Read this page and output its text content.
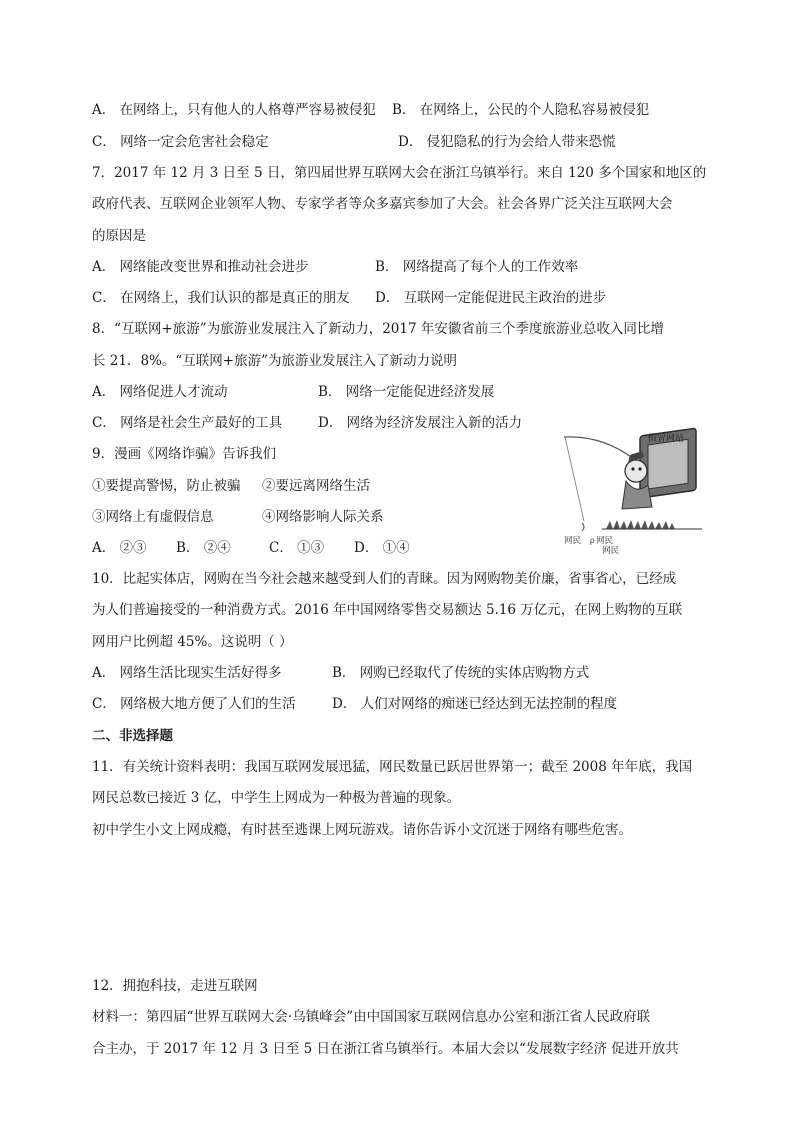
A． 在网络上，只有他人的人格尊严容易被侵犯 B． 在网络上，公民的个人隐私容易被侵犯
C． 网络一定会危害社会稳定	D． 侵犯隐私的行为会给人带来恐慌
7．2017 年 12 月 3 日至 5 日，第四届世界互联网大会在浙江乌镇举行。来自 120 多个国家和地区的
政府代表、互联网企业领军人物、专家学者等众多嘉宾参加了大会。社会各界广泛关注互联网大会
的原因是
A． 网络能改变世界和推动社会进步	B． 网络提高了每个人的工作效率
C． 在网络上，我们认识的都是真正的朋友 D． 互联网一定能促进民主政治的进步
8．“互联网+旅游”为旅游业发展注入了新动力，2017 年安徽省前三个季度旅游业总收入同比增
长 21．8%。“互联网+旅游”为旅游业发展注入了新动力说明
A． 网络促进人才流动	B． 网络一定能促进经济发展
C． 网络是社会生产最好的工具	D． 网络为经济发展注入新的活力
9．漫画《网络诈骗》告诉我们
①要提高警惕，防止被骗 ②要远离网络生活
③网络上有虚假信息	④网络影响人际关系
A． ②③ B． ②④	C． ①③ D． ①④
假冒网站
网民 网民
网民
ρ
10．比起实体店，网购在当今社会越来越受到人们的青睐。因为网购物美价廉，省事省心，已经成
为人们普遍接受的一种消费方式。2016 年中国网络零售交易额达 5.16 万亿元，在网上购物的互联
网用户比例超 45%。这说明（ ）
A． 网络生活比现实生活好得多	B． 网购已经取代了传统的实体店购物方式
C． 网络极大地方便了人们的生活	D． 人们对网络的痴迷已经达到无法控制的程度
二、非选择题
11．有关统计资料表明：我国互联网发展迅猛，网民数量已跃居世界第一；截至 2008 年年底，我国
网民总数已接近 3 亿，中学生上网成为一种极为普遍的现象。
初中学生小文上网成瘾，有时甚至逃课上网玩游戏。请你告诉小文沉迷于网络有哪些危害。
12．拥抱科技，走进互联网
材料一：第四届“世界互联网大会·乌镇峰会”由中国国家互联网信息办公室和浙江省人民政府联
合主办，于 2017 年 12 月 3 日至 5 日在浙江省乌镇举行。本届大会以“发展数字经济 促进开放共
